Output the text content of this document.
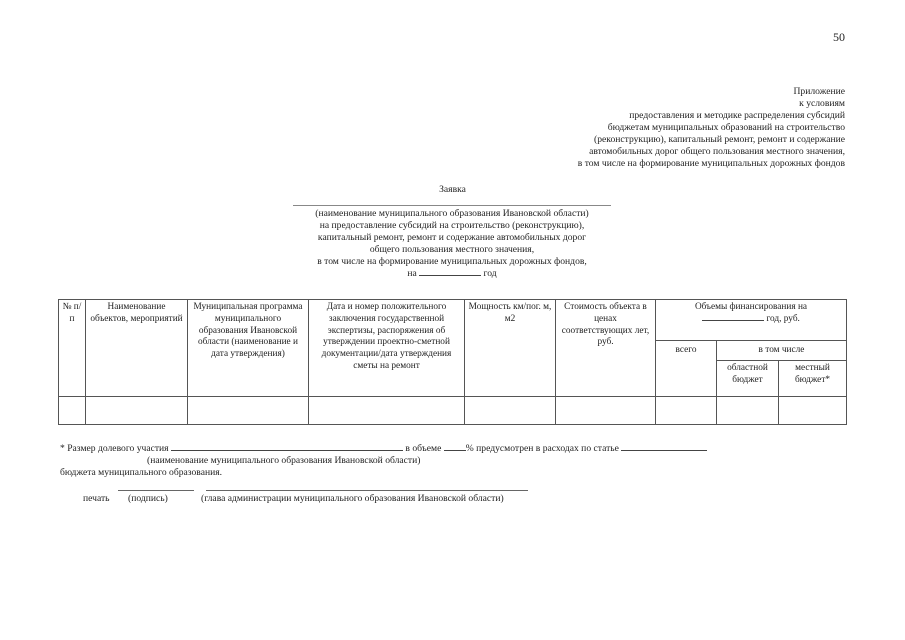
50
Приложение
к условиям
предоставления и методике распределения субсидий
бюджетам муниципальных образований на строительство
(реконструкцию), капитальный ремонт, ремонт и содержание
автомобильных дорог общего пользования местного значения,
в том числе на формирование муниципальных дорожных фондов
Заявка
(наименование муниципального образования Ивановской области)
на предоставление субсидий на строительство (реконструкцию),
капитальный ремонт, ремонт и содержание автомобильных дорог
общего пользования местного значения,
в том числе на формирование муниципальных дорожных фондов,
на	год
№ п/п	Наименование объектов, мероприятий	Муниципальная программа муниципального образования Ивановской области (наименование и дата утверждения)	Дата и номер положительного заключения государственной экспертизы, распоряжения об утверждении проектно-сметной документации/дата утверждения сметы на ремонт	Мощность км/пог. м, м2	Стоимость объекта в ценах соответствующих лет, руб.	Объемы финансирования на
год, руб.		
						всего	в том числе	
							областной бюджет	местный бюджет*

* Размер долевого участия	в объеме	% предусмотрен в расходах по статье
(наименование муниципального образования Ивановской области)
бюджета муниципального образования.
печать (подпись)	(глава администрации муниципального образования Ивановской области)
